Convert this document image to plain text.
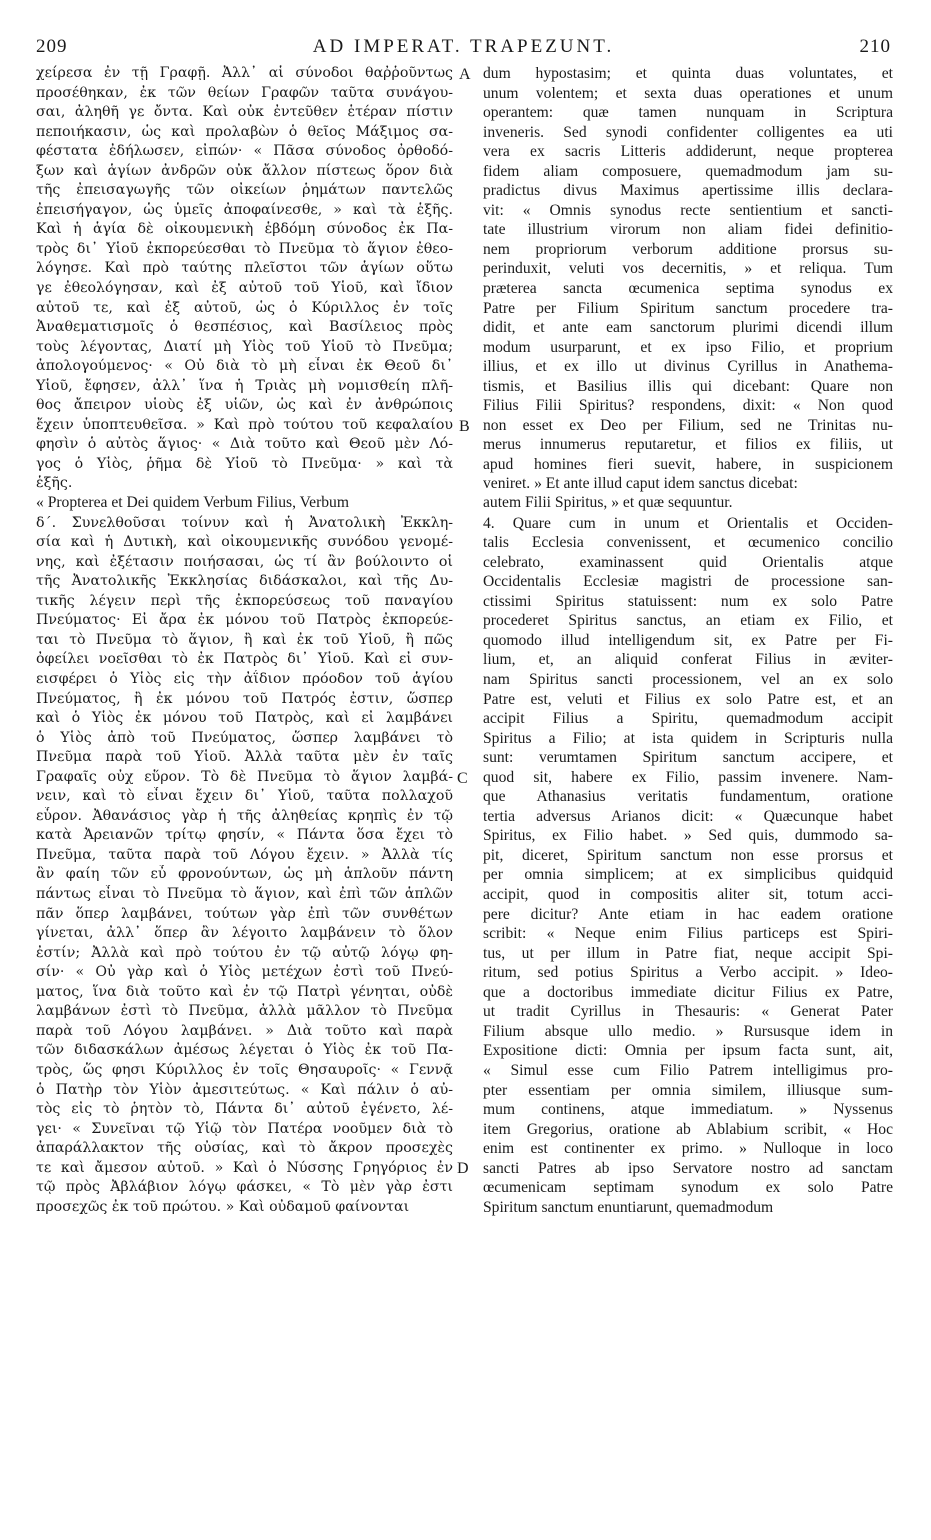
209	AD IMPERAT. TRAPEZUNT.	210
χείρεσα ἐν τῇ Γραφῇ. Ἀλλ᾽ αἱ σύνοδοι θαῤῥοῦντως
προσέθηκαν, ἐκ τῶν θείων Γραφῶν ταῦτα συνάγου-
σαι, ἀληθῆ γε ὄντα. Καὶ οὐκ ἐντεῦθεν ἑτέραν πίστιν
πεποιήκασιν, ὡς καὶ προλαβὼν ὁ θεῖος Μάξιμος σα-
φέστατα ἐδήλωσεν, εἰπών· « Πᾶσα σύνοδος ὀρθοδό-
ξων καὶ ἁγίων ἀνδρῶν οὐκ ἄλλον πίστεως ὅρον διὰ
τῆς ἐπεισαγωγῆς τῶν οἰκείων ῥημάτων παντελῶς
ἐπεισήγαγον, ὡς ὑμεῖς ἀποφαίνεσθε, » καὶ τὰ ἑξῆς.
Καὶ ἡ ἁγία δὲ οἰκουμενικὴ ἑβδόμη σύνοδος ἐκ Πα-
τρὸς δι᾽ Υἱοῦ ἐκπορεύεσθαι τὸ Πνεῦμα τὸ ἅγιον ἐθεο-
λόγησε. Καὶ πρὸ ταύτης πλεῖστοι τῶν ἁγίων οὕτω
γε ἐθεολόγησαν, καὶ ἐξ αὐτοῦ τοῦ Υἱοῦ, καὶ ἴδιον
αὐτοῦ τε, καὶ ἐξ αὐτοῦ, ὡς ὁ Κύριλλος ἐν τοῖς
Ἀναθεματισμοῖς ὁ θεσπέσιος, καὶ Βασίλειος πρὸς
τοὺς λέγοντας, Διατί μὴ Υἱὸς τοῦ Υἱοῦ τὸ Πνεῦμα;
ἀπολογούμενος· « Οὐ διὰ τὸ μὴ εἶναι ἐκ Θεοῦ δι᾽
Υἱοῦ, ἔφησεν, ἀλλ᾽ ἵνα ἡ Τριὰς μὴ νομισθείη πλῆ-
θος ἄπειρον υἱοὺς ἐξ υἱῶν, ὡς καὶ ἐν ἀνθρώποις
ἔχειν ὑποπτευθεῖσα. » Καὶ πρὸ τούτου τοῦ κεφαλαίου
φησὶν ὁ αὐτὸς ἅγιος· « Διὰ τοῦτο καὶ Θεοῦ μὲν Λό-
γος ὁ Υἱὸς, ῥῆμα δὲ Υἱοῦ τὸ Πνεῦμα· » καὶ τὰ
ἑξῆς.
dum hypostasim; et quinta duas voluntates, et
unum volentem; et sexta duas operationes et unum
operantem: quæ tamen nunquam in Scriptura
inveneris. Sed synodi confidenter colligentes ea uti
vera ex sacris Litteris addiderunt, neque propterea
fidem aliam composuere, quemadmodum jam su-
pradictus divus Maximus apertissime illis declara-
vit: « Omnis synodus recte sentientium et sancti-
tate illustrium virorum non aliam fidei definitio-
nem propriorum verborum additione prorsus su-
perinduxit, veluti vos decernitis, » et reliqua. Tum
præterea sancta œcumenica septima synodus ex
Patre per Filium Spiritum sanctum procedere tra-
didit, et ante eam sanctorum plurimi dicendi illum
modum usurparunt, et ex ipso Filio, et proprium
illius, et ex illo ut divinus Cyrillus in Anathema-
tismis, et Basilius illis qui dicebant: Quare non
Filius Filii Spiritus? respondens, dixit: « Non quod
non esset ex Deo per Filium, sed ne Trinitas nu-
merus innumerus reputaretur, et filios ex filiis, ut
apud homines fieri suevit, habere, in suspicionem
veniret. » Et ante illud caput idem sanctus dicebat:
« Propterea et Dei quidem Verbum Filius, Verbum	autem Filii Spiritus, » et quæ sequuntur.
δ΄. Συνελθοῦσαι τοίνυν καὶ ἡ Ἀνατολικὴ Ἐκκλη-
σία καὶ ἡ Δυτικὴ, καὶ οἰκουμενικῆς συνόδου γενομέ-
νης, καὶ ἐξέτασιν ποιήσασαι, ὡς τί ἂν βούλοιντο οἱ
τῆς Ἀνατολικῆς Ἐκκλησίας διδάσκαλοι, καὶ τῆς Δυ-
τικῆς λέγειν περὶ τῆς ἐκπορεύσεως τοῦ παναγίου
Πνεύματος· Εἰ ἄρα ἐκ μόνου τοῦ Πατρὸς ἐκπορεύε-
ται τὸ Πνεῦμα τὸ ἅγιον, ἢ καὶ ἐκ τοῦ Υἱοῦ, ἢ πῶς
ὀφείλει νοεῖσθαι τὸ ἐκ Πατρὸς δι᾽ Υἱοῦ. Καὶ εἰ συν-
εισφέρει ὁ Υἱὸς εἰς τὴν ἀΐδιον πρόοδον τοῦ ἁγίου
Πνεύματος, ἢ ἐκ μόνου τοῦ Πατρός ἐστιν, ὥσπερ
καὶ ὁ Υἱὸς ἐκ μόνου τοῦ Πατρὸς, καὶ εἰ λαμβάνει
ὁ Υἱὸς ἀπὸ τοῦ Πνεύματος, ὥσπερ λαμβάνει τὸ
Πνεῦμα παρὰ τοῦ Υἱοῦ. Ἀλλὰ ταῦτα μὲν ἐν ταῖς
Γραφαῖς οὐχ εὕρον. Τὸ δὲ Πνεῦμα τὸ ἅγιον λαμβά-
νειν, καὶ τὸ εἶναι ἔχειν δι᾽ Υἱοῦ, ταῦτα πολλαχοῦ
εὗρον. Ἀθανάσιος γὰρ ἡ τῆς ἀληθείας κρηπὶς ἐν τῷ
κατὰ Ἀρειανῶν τρίτῳ φησίν, « Πάντα ὅσα ἔχει τὸ
Πνεῦμα, ταῦτα παρὰ τοῦ Λόγου ἔχειν. » Ἀλλὰ τίς
ἂν φαίη τῶν εὖ φρονούντων, ὡς μὴ ἁπλοῦν πάντη
πάντως εἶναι τὸ Πνεῦμα τὸ ἅγιον, καὶ ἐπὶ τῶν ἁπλῶν
πᾶν ὅπερ λαμβάνει, τούτων γὰρ ἐπὶ τῶν συνθέτων
γίνεται, ἀλλ᾽ ὅπερ ἂν λέγοιτο λαμβάνειν τὸ ὅλον
ἐστίν; Ἀλλὰ καὶ πρὸ τούτου ἐν τῷ αὐτῷ λόγῳ φη-
σίν· « Οὐ γὰρ καὶ ὁ Υἱὸς μετέχων ἐστὶ τοῦ Πνεύ-
ματος, ἵνα διὰ τοῦτο καὶ ἐν τῷ Πατρὶ γένηται, οὐδὲ
λαμβάνων ἐστὶ τὸ Πνεῦμα, ἀλλὰ μᾶλλον τὸ Πνεῦμα
παρὰ τοῦ Λόγου λαμβάνει. » Διὰ τοῦτο καὶ παρὰ
τῶν διδασκάλων ἀμέσως λέγεται ὁ Υἱὸς ἐκ τοῦ Πα-
τρὸς, ὥς φησι Κύριλλος ἐν τοῖς Θησαυροῖς· « Γεννᾷ
ὁ Πατὴρ τὸν Υἱὸν ἀμεσιτεύτως. « Καὶ πάλιν ὁ αὐ-
τὸς εἰς τὸ ῥητὸν τὸ, Πάντα δι᾽ αὐτοῦ ἐγένετο, λέ-
γει· « Συνεῖναι τῷ Υἱῷ τὸν Πατέρα νοοῦμεν διὰ τὸ
ἀπαράλλακτον τῆς οὐσίας, καὶ τὸ ἄκρον προσεχὲς
τε καὶ ἄμεσον αὐτοῦ. » Καὶ ὁ Νύσσης Γρηγόριος ἐν
τῷ πρὸς Ἀβλάβιον λόγῳ φάσκει, « Τὸ μὲν γὰρ ἐστι
προσεχῶς ἐκ τοῦ πρώτου. » Καὶ οὐδαμοῦ φαίνονται
4. Quare cum in unum et Orientalis et Occiden-
talis Ecclesia convenissent, et œcumenico concilio
celebrato, examinassent quid Orientalis atque
Occidentalis Ecclesiæ magistri de processione san-
ctissimi Spiritus statuissent: num ex solo Patre
procederet Spiritus sanctus, an etiam ex Filio, et
quomodo illud intelligendum sit, ex Patre per Fi-
lium, et, an aliquid conferat Filius in æviter-
nam Spiritus sancti processionem, vel an ex solo
Patre est, veluti et Filius ex solo Patre est, et an
accipit Filius a Spiritu, quemadmodum accipit
Spiritus a Filio; at ista quidem in Scripturis nulla
sunt: verumtamen Spiritum sanctum accipere, et
quod sit, habere ex Filio, passim invenere. Nam-
que Athanasius veritatis fundamentum, oratione
tertia adversus Arianos dicit: « Quæcunque habet
Spiritus, ex Filio habet. » Sed quis, dummodo sa-
pit, diceret, Spiritum sanctum non esse prorsus et
per omnia simplicem; at ex simplicibus quidquid
accipit, quod in compositis aliter sit, totum acci-
pere dicitur? Ante etiam in hac eadem oratione
scribit: « Neque enim Filius particeps est Spiri-
tus, ut per illum in Patre fiat, neque accipit Spi-
ritum, sed potius Spiritus a Verbo accipit. » Ideo-
que a doctoribus immediate dicitur Filius ex Patre,
ut tradit Cyrillus in Thesauris: « Generat Pater
Filium absque ullo medio. » Rursusque idem in
Expositione dicti: Omnia per ipsum facta sunt, ait,
« Simul esse cum Filio Patrem intelligimus pro-
pter essentiam per omnia similem, illiusque sum-
mum continens, atque immediatum. » Nyssenus
item Gregorius, oratione ab Ablabium scribit, « Hoc
enim est continenter ex primo. » Nulloque in loco
sancti Patres ab ipso Servatore nostro ad sanctam
œcumenicam septimam synodum ex solo Patre
Spiritum sanctum enuntiarunt, quemadmodum
A
B
C
D
